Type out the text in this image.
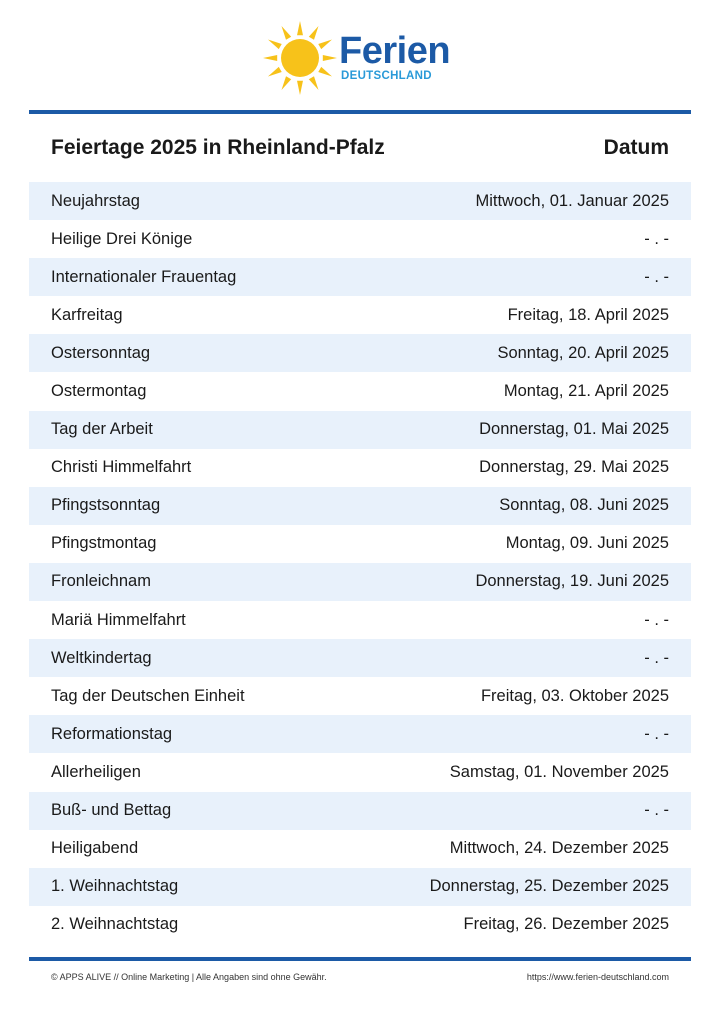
Ferien
DEUTSCHLAND
Feiertage 2025 in Rheinland-Pfalz	Datum
Neujahrstag	Mittwoch, 01. Januar 2025
Heilige Drei Könige	- . -
Internationaler Frauentag	- . -
Karfreitag	Freitag, 18. April 2025
Ostersonntag	Sonntag, 20. April 2025
Ostermontag	Montag, 21. April 2025
Tag der Arbeit	Donnerstag, 01. Mai 2025
Christi Himmelfahrt	Donnerstag, 29. Mai 2025
Pfingstsonntag	Sonntag, 08. Juni 2025
Pfingstmontag	Montag, 09. Juni 2025
Fronleichnam	Donnerstag, 19. Juni 2025
Mariä Himmelfahrt	- . -
Weltkindertag	- . -
Tag der Deutschen Einheit	Freitag, 03. Oktober 2025
Reformationstag	- . -
Allerheiligen	Samstag, 01. November 2025
Buß- und Bettag	- . -
Heiligabend	Mittwoch, 24. Dezember 2025
1. Weihnachtstag	Donnerstag, 25. Dezember 2025
2. Weihnachtstag	Freitag, 26. Dezember 2025
© APPS ALIVE // Online Marketing | Alle Angaben sind ohne Gewähr.	https://www.ferien-deutschland.com
